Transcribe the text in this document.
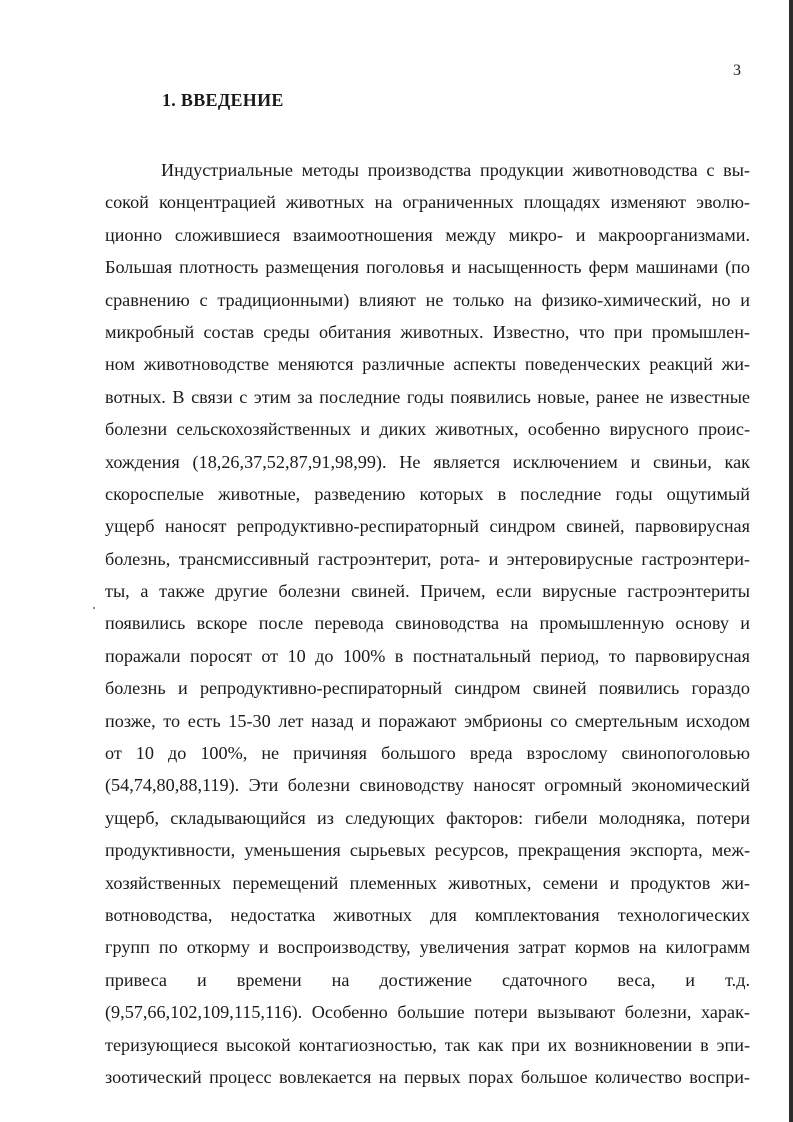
3
1. ВВЕДЕНИЕ
Индустриальные методы производства продукции животноводства с вы-
сокой концентрацией животных на ограниченных площадях изменяют эволю-
ционно сложившиеся взаимоотношения между микро- и макроорганизмами.
Большая плотность размещения поголовья и насыщенность ферм машинами (по
сравнению с традиционными) влияют не только на физико-химический, но и
микробный состав среды обитания животных. Известно, что при промышлен-
ном животноводстве меняются различные аспекты поведенческих реакций жи-
вотных. В связи с этим за последние годы появились новые, ранее не известные
болезни сельскохозяйственных и диких животных, особенно вирусного проис-
хождения (18,26,37,52,87,91,98,99). Не является исключением и свиньи, как
скороспелые животные, разведению которых в последние годы ощутимый
ущерб наносят репродуктивно-респираторный синдром свиней, парвовирусная
болезнь, трансмиссивный гастроэнтерит, рота- и энтеровирусные гастроэнтери-
ты, а также другие болезни свиней. Причем, если вирусные гастроэнтериты
появились вскоре после перевода свиноводства на промышленную основу и
поражали поросят от 10 до 100% в постнатальный период, то парвовирусная
болезнь и репродуктивно-респираторный синдром свиней появились гораздо
позже, то есть 15-30 лет назад и поражают эмбрионы со смертельным исходом
от 10 до 100%, не причиняя большого вреда взрослому свинопоголовью
(54,74,80,88,119). Эти болезни свиноводству наносят огромный экономический
ущерб, складывающийся из следующих факторов: гибели молодняка, потери
продуктивности, уменьшения сырьевых ресурсов, прекращения экспорта, меж-
хозяйственных перемещений племенных животных, семени и продуктов жи-
вотноводства, недостатка животных для комплектования технологических
групп по откорму и воспроизводству, увеличения затрат кормов на килограмм
привеса и времени на достижение сдаточного веса, и т.д.
(9,57,66,102,109,115,116). Особенно большие потери вызывают болезни, харак-
теризующиеся высокой контагиозностью, так как при их возникновении в эпи-
зоотический процесс вовлекается на первых порах большое количество воспри-
